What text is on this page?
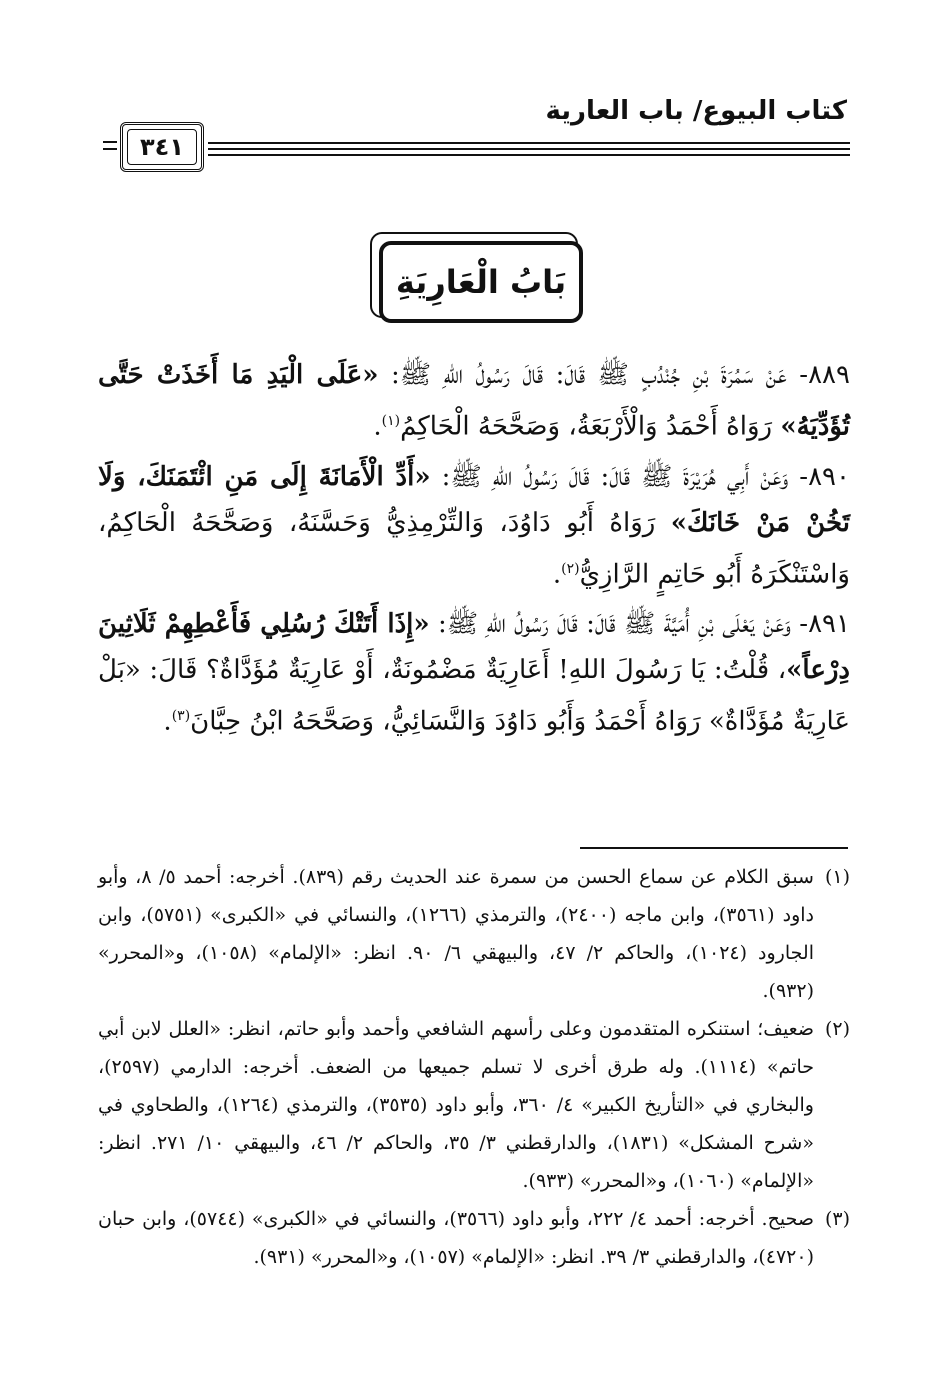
كتاب البيوع/ باب العارية
٣٤١
بَابُ الْعَارِيَةِ

٨٨٩- عَنْ سَمُرَةَ بْنِ جُنْدُبٍ ﷺ قَالَ: قَالَ رَسُولُ اللهِ ﷺ: «عَلَى الْيَدِ مَا أَخَذَتْ حَتَّى تُؤَدِّيَهُ» رَوَاهُ أَحْمَدُ وَالْأَرْبَعَةُ، وَصَحَّحَهُ الْحَاكِمُ$^{(١)}$.

٨٩٠- وَعَنْ أَبِي هُرَيْرَةَ ﷺ قَالَ: قَالَ رَسُولُ اللهِ ﷺ: «أَدِّ الْأَمَانَةَ إِلَى مَنِ ائْتَمَنَكَ، وَلَا تَخُنْ مَنْ خَانَكَ» رَوَاهُ أَبُو دَاوُدَ، وَالتِّرْمِذِيُّ وَحَسَّنَهُ، وَصَحَّحَهُ الْحَاكِمُ، وَاسْتَنْكَرَهُ أَبُو حَاتِمٍ الرَّازِيُّ$^{(٢)}$.

٨٩١- وَعَنْ يَعْلَى بْنِ أُمَيَّةَ ﷺ قَالَ: قَالَ رَسُولُ اللهِ ﷺ: «إِذَا أَتَتْكَ رُسُلِي فَأَعْطِهِمْ ثَلَاثِينَ دِرْعاً»، قُلْتُ: يَا رَسُولَ اللهِ! أَعَارِيَةٌ مَضْمُونَةٌ، أَوْ عَارِيَةٌ مُؤَدَّاةٌ؟ قَالَ: «بَلْ عَارِيَةٌ مُؤَدَّاةٌ» رَوَاهُ أَحْمَدُ وَأَبُو دَاوُدَ وَالنَّسَائِيُّ، وَصَحَّحَهُ ابْنُ حِبَّانَ$^{(٣)}$.

(١)
سبق الكلام عن سماع الحسن من سمرة عند الحديث رقم (٨٣٩). أخرجه: أحمد ٥/ ٨، وأبو داود (٣٥٦١)، وابن ماجه (٢٤٠٠)، والترمذي (١٢٦٦)، والنسائي في «الكبرى» (٥٧٥١)، وابن الجارود (١٠٢٤)، والحاكم ٢/ ٤٧، والبيهقي ٦/ ٩٠. انظر: «الإلمام» (١٠٥٨)، و«المحرر» (٩٣٢).

(٢)
ضعيف؛ استنكره المتقدمون وعلى رأسهم الشافعي وأحمد وأبو حاتم، انظر: «العلل لابن أبي حاتم» (١١١٤). وله طرق أخرى لا تسلم جميعها من الضعف. أخرجه: الدارمي (٢٥٩٧)، والبخاري في «التأريخ الكبير» ٤/ ٣٦٠، وأبو داود (٣٥٣٥)، والترمذي (١٢٦٤)، والطحاوي في «شرح المشكل» (١٨٣١)، والدارقطني ٣/ ٣٥، والحاكم ٢/ ٤٦، والبيهقي ١٠/ ٢٧١. انظر: «الإلمام» (١٠٦٠)، و«المحرر» (٩٣٣).

(٣)
صحيح. أخرجه: أحمد ٤/ ٢٢٢، وأبو داود (٣٥٦٦)، والنسائي في «الكبرى» (٥٧٤٤)، وابن حبان (٤٧٢٠)، والدارقطني ٣/ ٣٩. انظر: «الإلمام» (١٠٥٧)، و«المحرر» (٩٣١).
